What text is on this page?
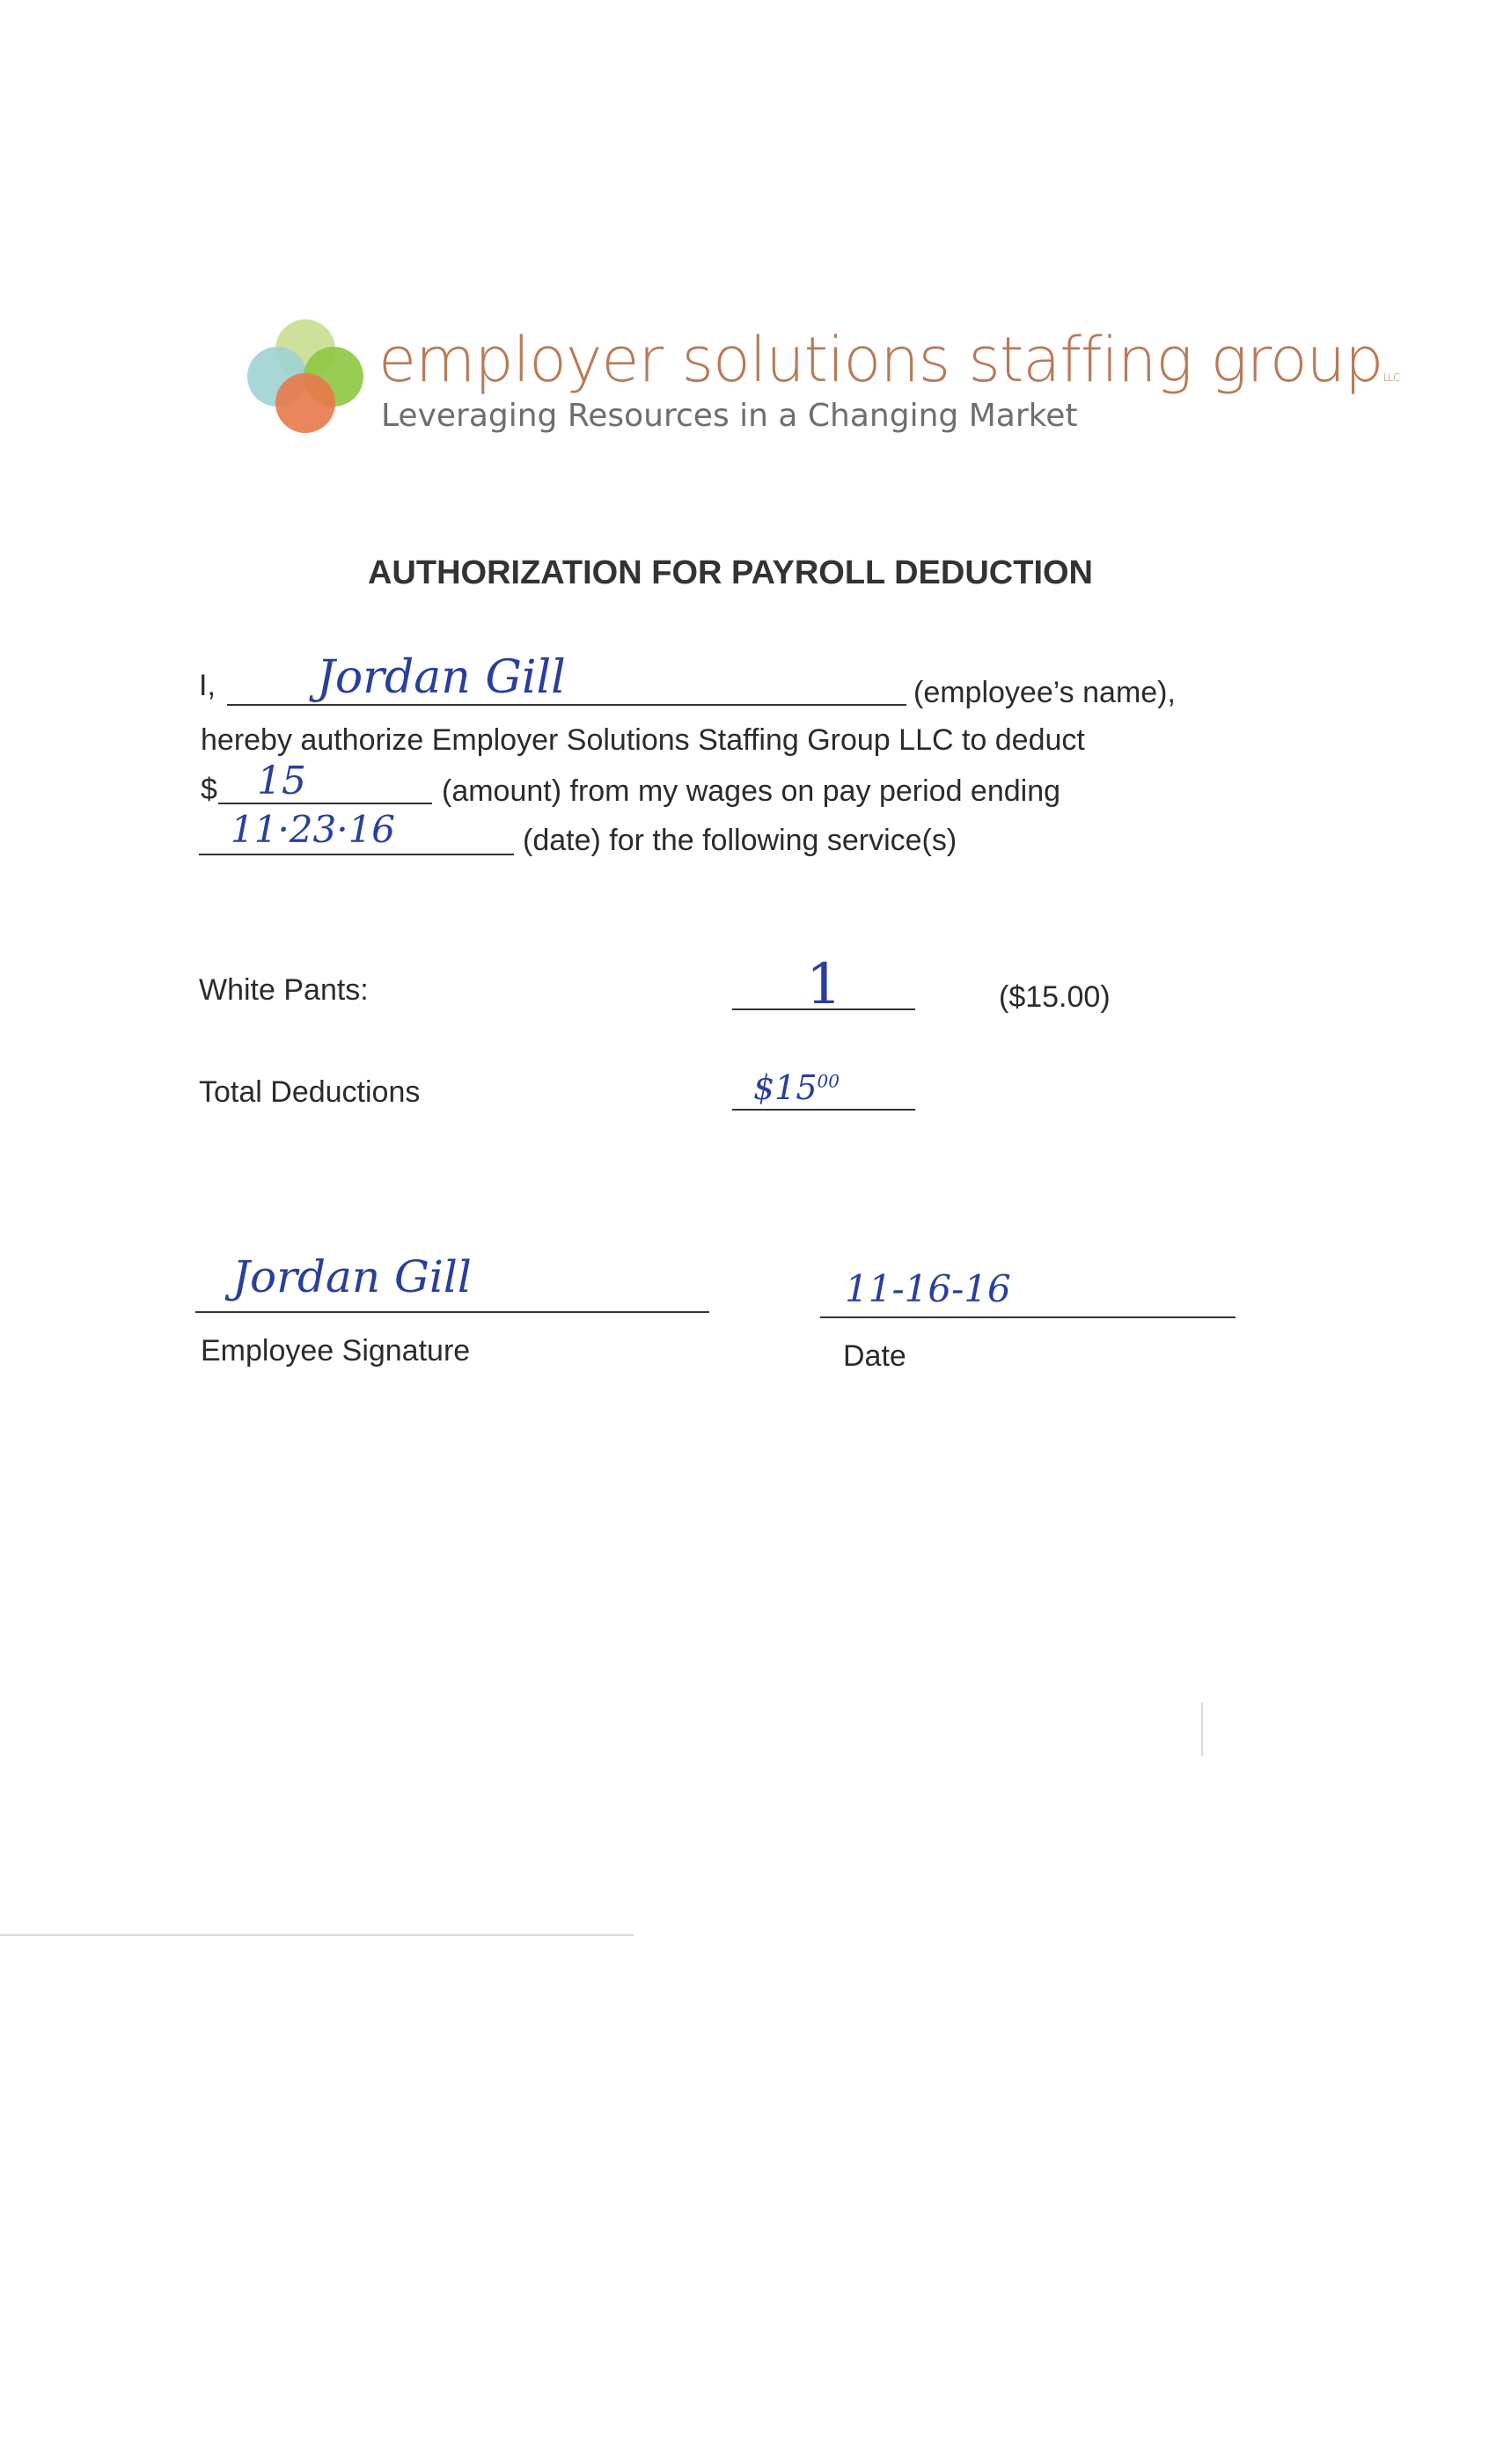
employer solutions staffing groupLLC
Leveraging Resources in a Changing Market
AUTHORIZATION FOR PAYROLL DEDUCTION
I, Jordan Gill	(employee’s name),
hereby authorize Employer Solutions Staffing Group LLC to deduct
$ 15	(amount) from my wages on pay period ending
11·23·16	(date) for the following service(s)
White Pants:	1	($15.00)
Total Deductions	$\$15^{00}$
Jordan Gill
Employee Signature
11-16-16
Date
